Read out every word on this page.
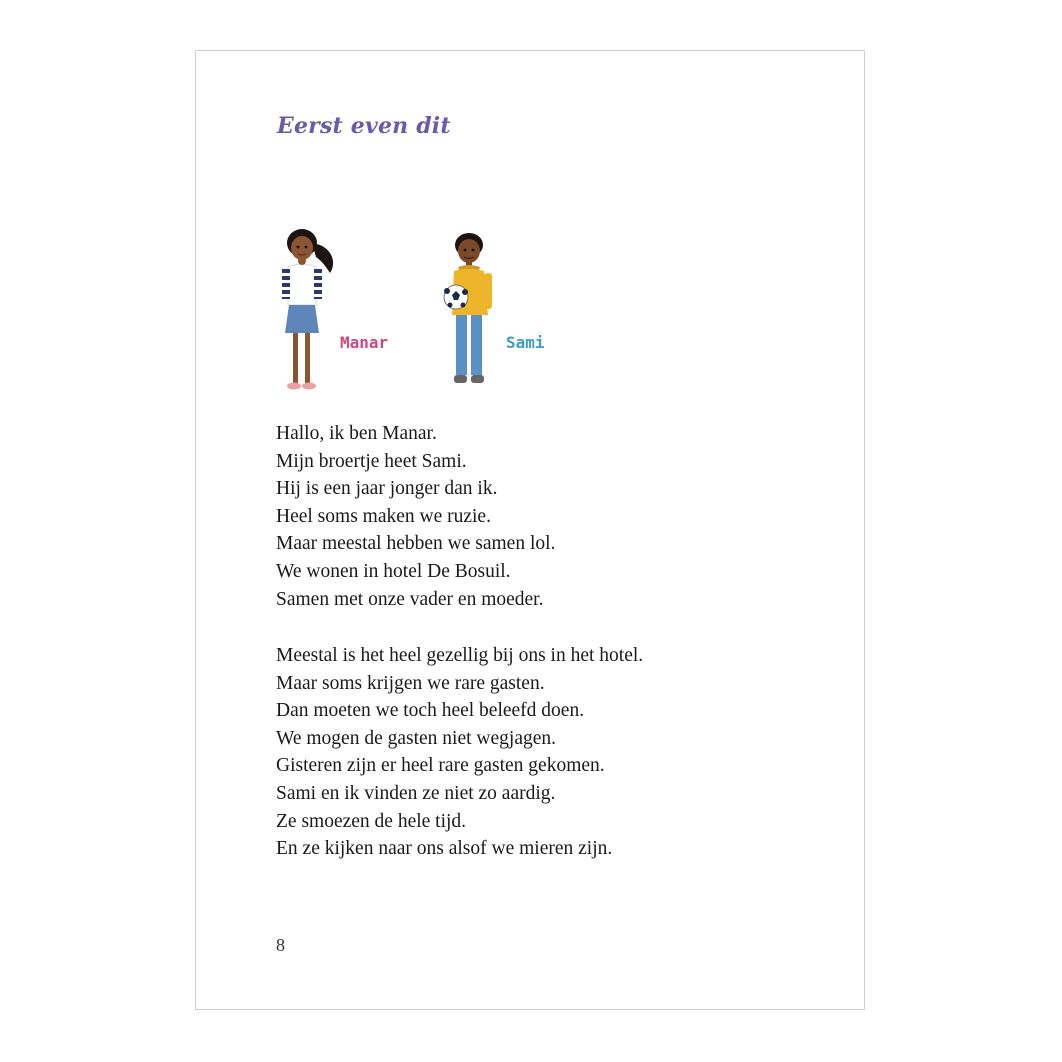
Eerst even dit
Manar	Sami
Hallo, ik ben Manar.
Mijn broertje heet Sami.
Hij is een jaar jonger dan ik.
Heel soms maken we ruzie.
Maar meestal hebben we samen lol.
We wonen in hotel De Bosuil.
Samen met onze vader en moeder.
Meestal is het heel gezellig bij ons in het hotel.
Maar soms krijgen we rare gasten.
Dan moeten we toch heel beleefd doen.
We mogen de gasten niet wegjagen.
Gisteren zijn er heel rare gasten gekomen.
Sami en ik vinden ze niet zo aardig.
Ze smoezen de hele tijd.
En ze kijken naar ons alsof we mieren zijn.
8
